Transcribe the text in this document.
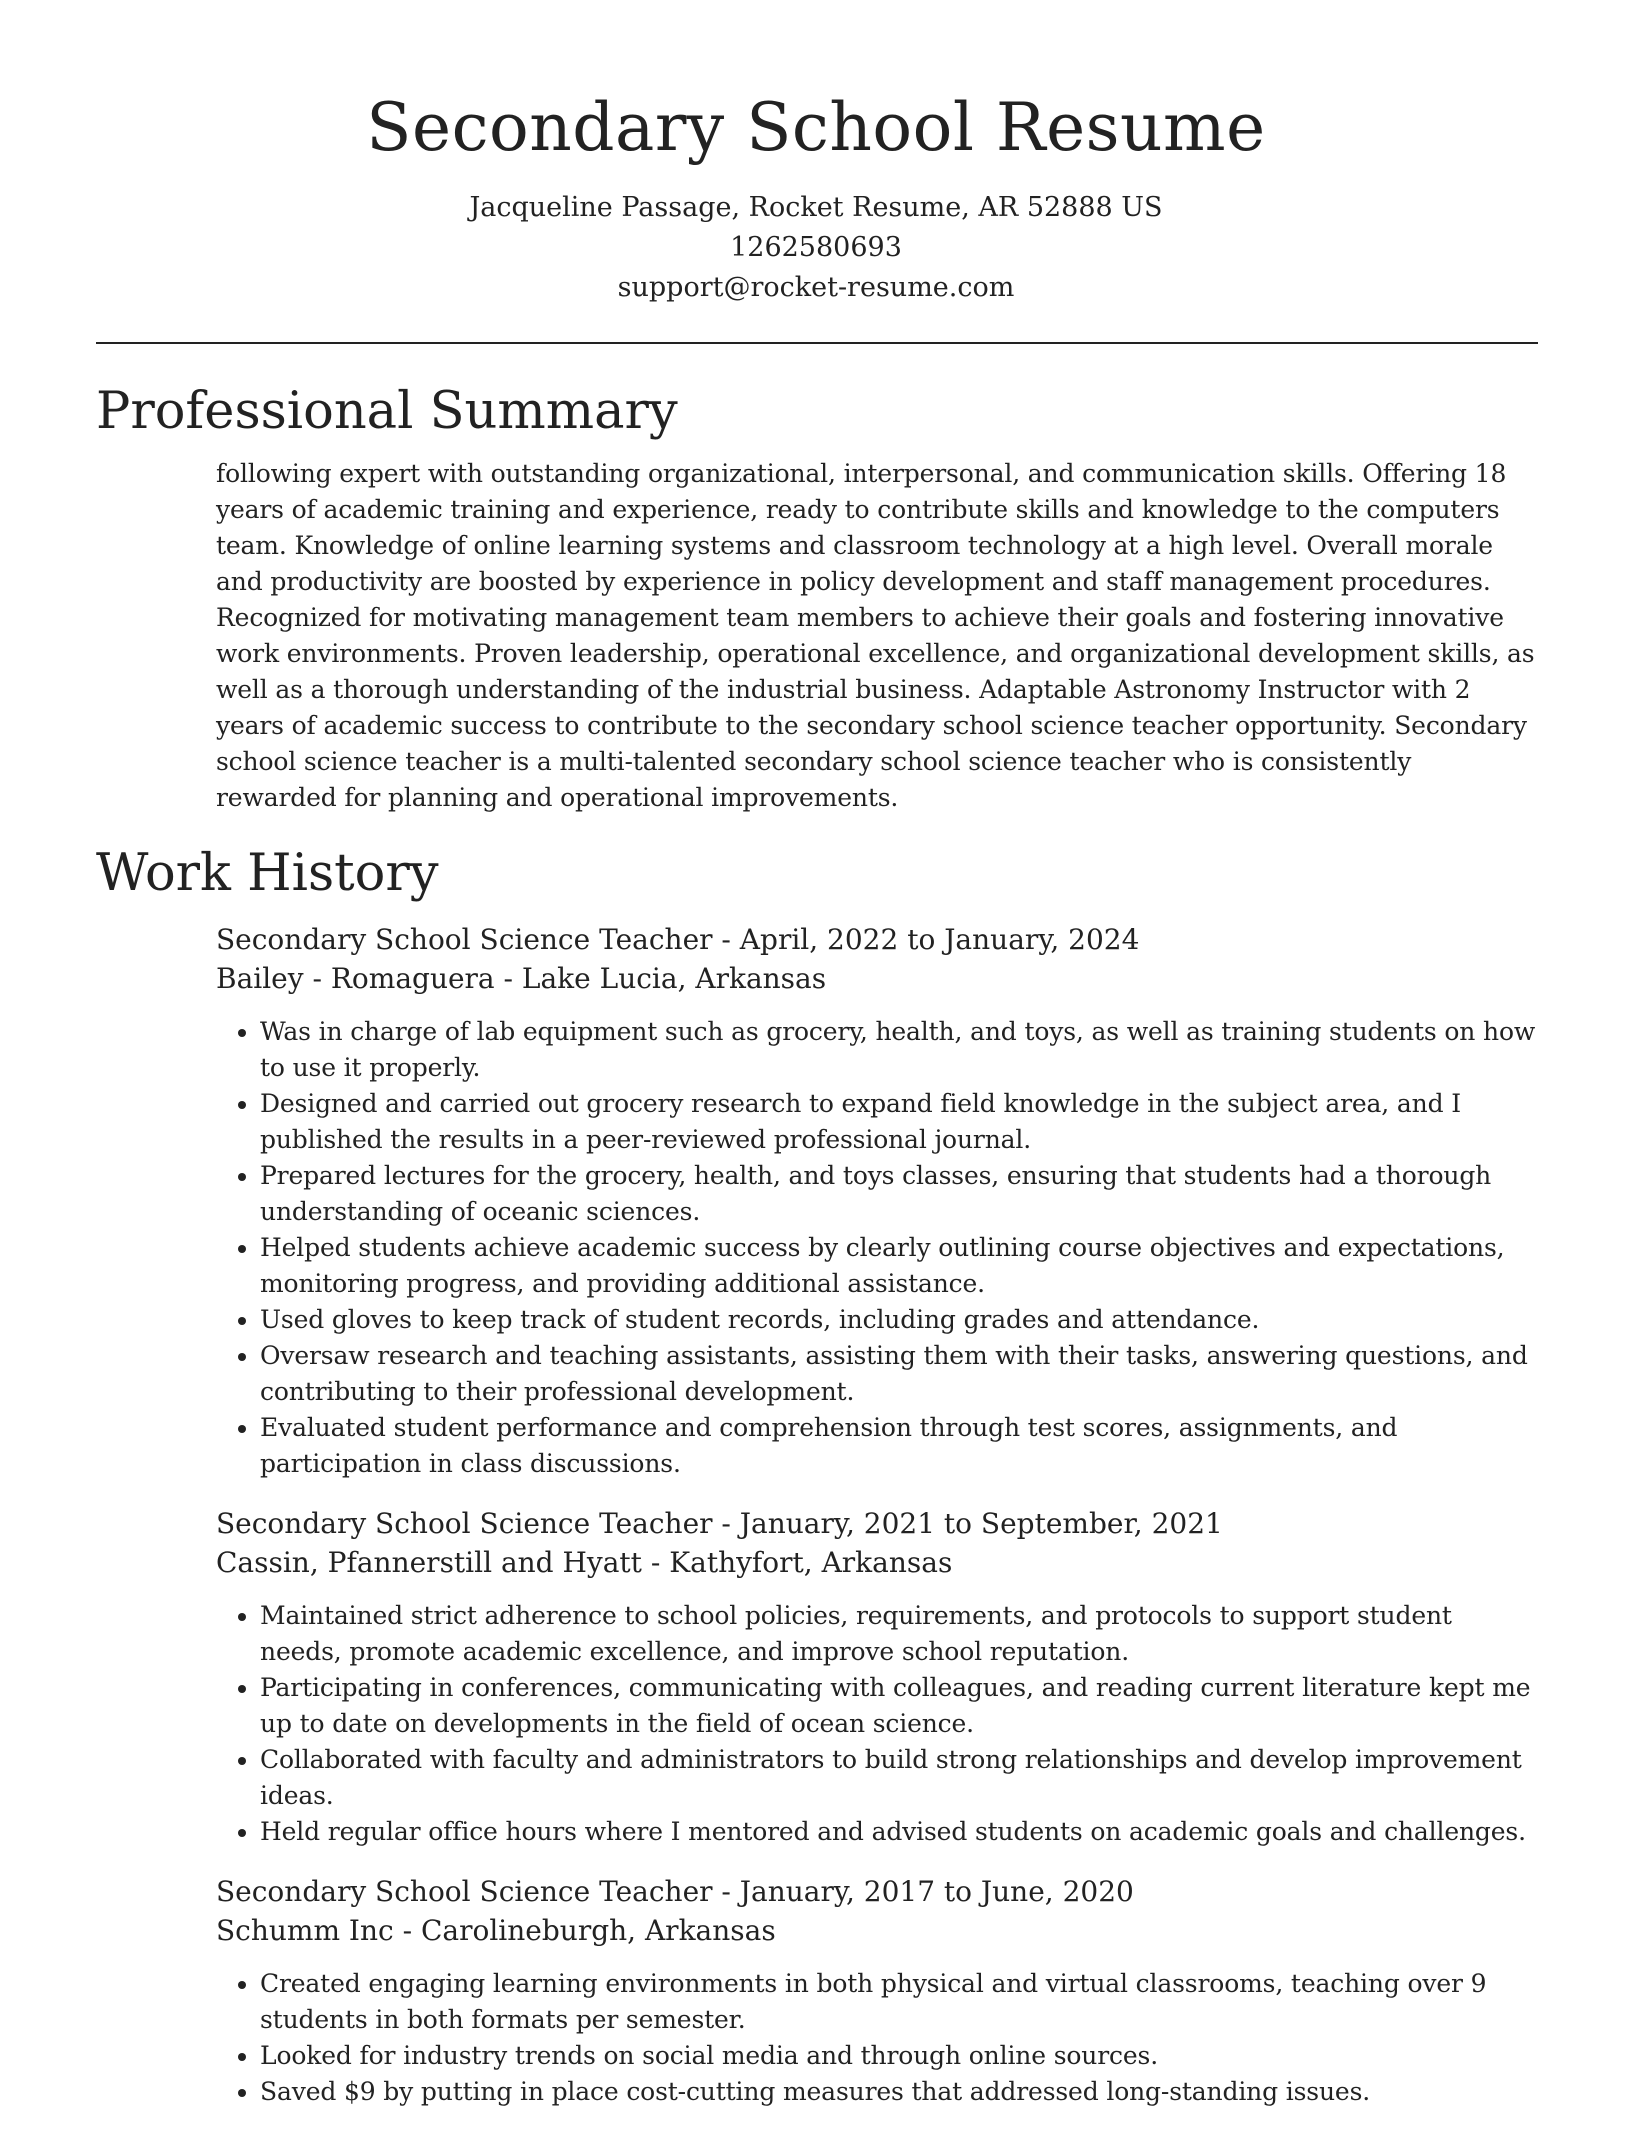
Secondary School Resume
Jacqueline Passage, Rocket Resume, AR 52888 US
1262580693
support@rocket-resume.com
Professional Summary
following expert with outstanding organizational, interpersonal, and communication skills. Offering 18 years of academic training and experience, ready to contribute skills and knowledge to the computers team. Knowledge of online learning systems and classroom technology at a high level. Overall morale and productivity are boosted by experience in policy development and staff management procedures. Recognized for motivating management team members to achieve their goals and fostering innovative work environments. Proven leadership, operational excellence, and organizational development skills, as well as a thorough understanding of the industrial business. Adaptable Astronomy Instructor with 2 years of academic success to contribute to the secondary school science teacher opportunity. Secondary school science teacher is a multi-talented secondary school science teacher who is consistently rewarded for planning and operational improvements.
Work History
Secondary School Science Teacher - April, 2022 to January, 2024
Bailey - Romaguera - Lake Lucia, Arkansas
• Was in charge of lab equipment such as grocery, health, and toys, as well as training students on how to use it properly.
• Designed and carried out grocery research to expand field knowledge in the subject area, and I published the results in a peer-reviewed professional journal.
• Prepared lectures for the grocery, health, and toys classes, ensuring that students had a thorough understanding of oceanic sciences.
• Helped students achieve academic success by clearly outlining course objectives and expectations, monitoring progress, and providing additional assistance.
• Used gloves to keep track of student records, including grades and attendance.
• Oversaw research and teaching assistants, assisting them with their tasks, answering questions, and contributing to their professional development.
• Evaluated student performance and comprehension through test scores, assignments, and participation in class discussions.
Secondary School Science Teacher - January, 2021 to September, 2021
Cassin, Pfannerstill and Hyatt - Kathyfort, Arkansas
• Maintained strict adherence to school policies, requirements, and protocols to support student needs, promote academic excellence, and improve school reputation.
• Participating in conferences, communicating with colleagues, and reading current literature kept me up to date on developments in the field of ocean science.
• Collaborated with faculty and administrators to build strong relationships and develop improvement ideas.
• Held regular office hours where I mentored and advised students on academic goals and challenges.
Secondary School Science Teacher - January, 2017 to June, 2020
Schumm Inc - Carolineburgh, Arkansas
• Created engaging learning environments in both physical and virtual classrooms, teaching over 9 students in both formats per semester.
• Looked for industry trends on social media and through online sources.
• Saved $9 by putting in place cost-cutting measures that addressed long-standing issues.
